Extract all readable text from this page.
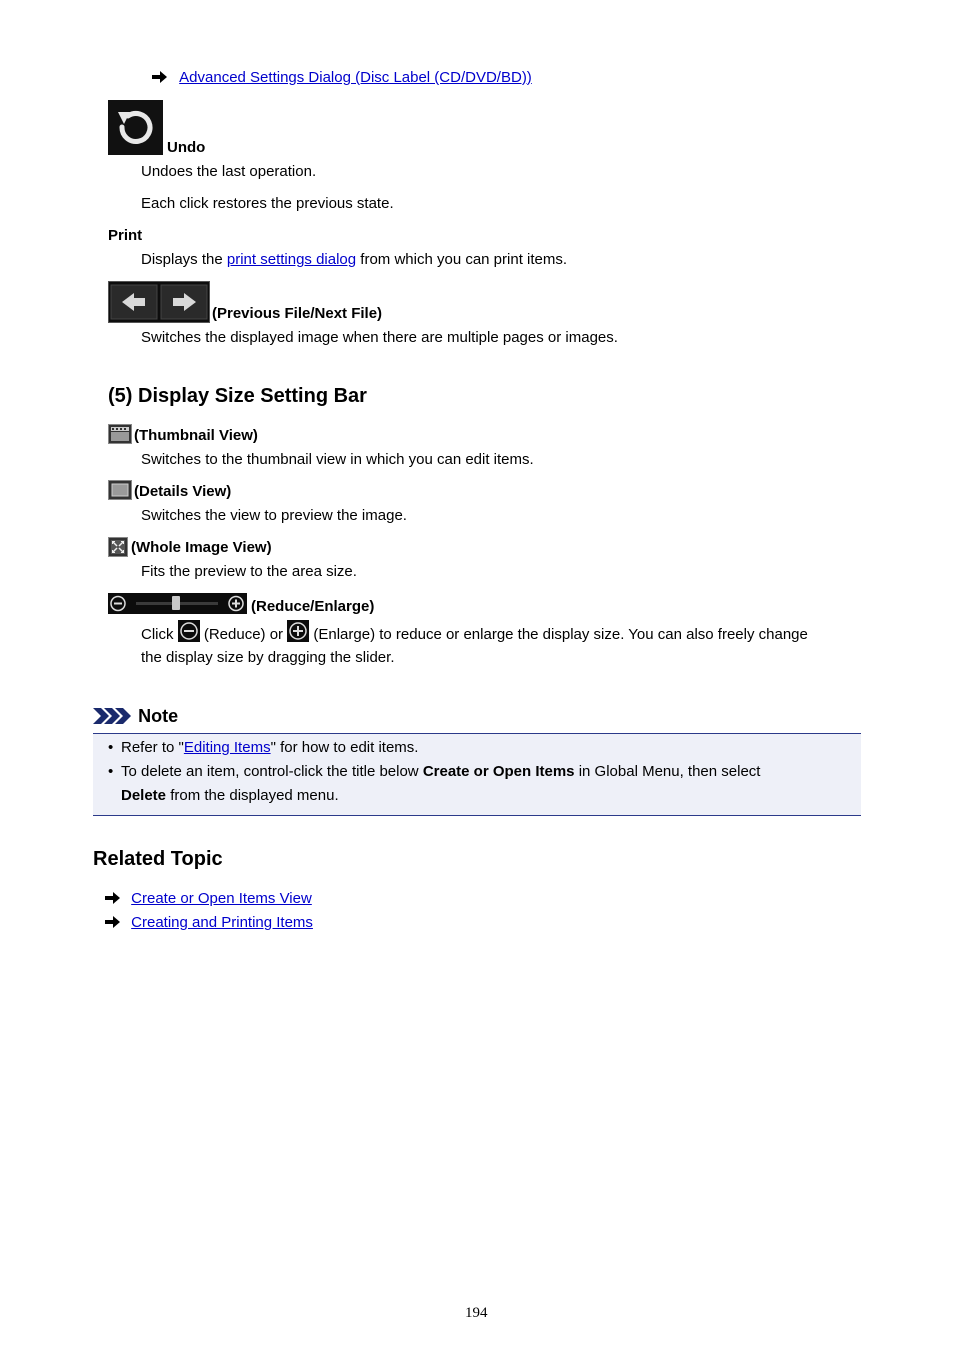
Advanced Settings Dialog (Disc Label (CD/DVD/BD))
Undo
Undoes the last operation.
Each click restores the previous state.
Print
Displays the print settings dialog from which you can print items.
(Previous File/Next File)
Switches the displayed image when there are multiple pages or images.
(5) Display Size Setting Bar
(Thumbnail View)
Switches to the thumbnail view in which you can edit items.
(Details View)
Switches the view to preview the image.
(Whole Image View)
Fits the preview to the area size.
(Reduce/Enlarge)
Click  (Reduce) or  (Enlarge) to reduce or enlarge the display size. You can also freely change
the display size by dragging the slider.
Note
• Refer to "Editing Items" for how to edit items.
• To delete an item, control-click the title below Create or Open Items in Global Menu, then select
Delete from the displayed menu.
Related Topic
Create or Open Items View
Creating and Printing Items
194
